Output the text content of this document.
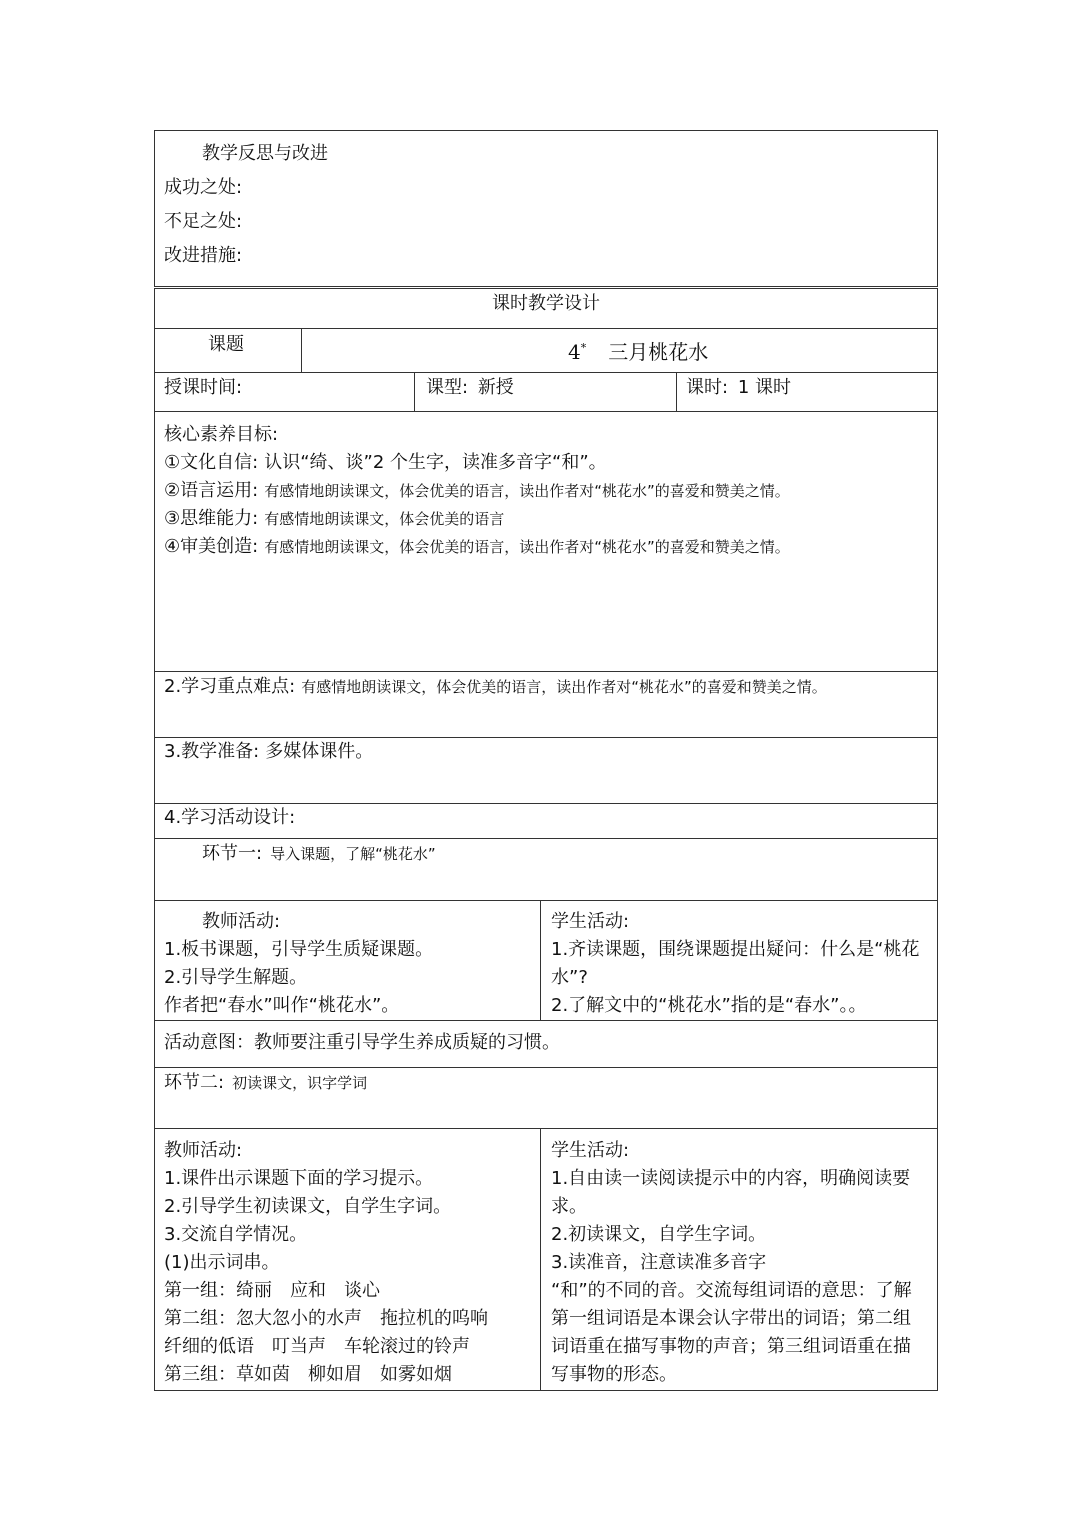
教学反思与改进
成功之处:
不足之处:
改进措施:
课时教学设计
课题	4* 三月桃花水
授课时间:	课型: 新授	课时: 1 课时
核心素养目标:
①文化自信: 认识“绮、谈”2 个生字，读准多音字“和”。
②语言运用: 有感情地朗读课文，体会优美的语言，读出作者对“桃花水”的喜爱和赞美之情。
③思维能力: 有感情地朗读课文，体会优美的语言
④审美创造: 有感情地朗读课文，体会优美的语言，读出作者对“桃花水”的喜爱和赞美之情。
2.学习重点难点: 有感情地朗读课文，体会优美的语言，读出作者对“桃花水”的喜爱和赞美之情。
3.教学准备: 多媒体课件。
4.学习活动设计:
环节一: 导入课题，了解“桃花水”
教师活动:
1.板书课题，引导学生质疑课题。
2.引导学生解题。
作者把“春水”叫作“桃花水”。
学生活动:
1.齐读课题，围绕课题提出疑问：什么是“桃花
水”?
2.了解文中的“桃花水”指的是“春水”。。
活动意图：教师要注重引导学生养成质疑的习惯。
环节二: 初读课文，识字学词
教师活动:
1.课件出示课题下面的学习提示。
2.引导学生初读课文，自学生字词。
3.交流自学情况。
(1)出示词串。
第一组：绮丽　应和　谈心
第二组：忽大忽小的水声　拖拉机的呜响
纤细的低语　叮当声　车轮滚过的铃声
第三组：草如茵　柳如眉　如雾如烟
学生活动:
1.自由读一读阅读提示中的内容，明确阅读要
求。
2.初读课文，自学生字词。
3.读准音，注意读准多音字
“和”的不同的音。交流每组词语的意思：了解
第一组词语是本课会认字带出的词语；第二组
词语重在描写事物的声音；第三组词语重在描
写事物的形态。
